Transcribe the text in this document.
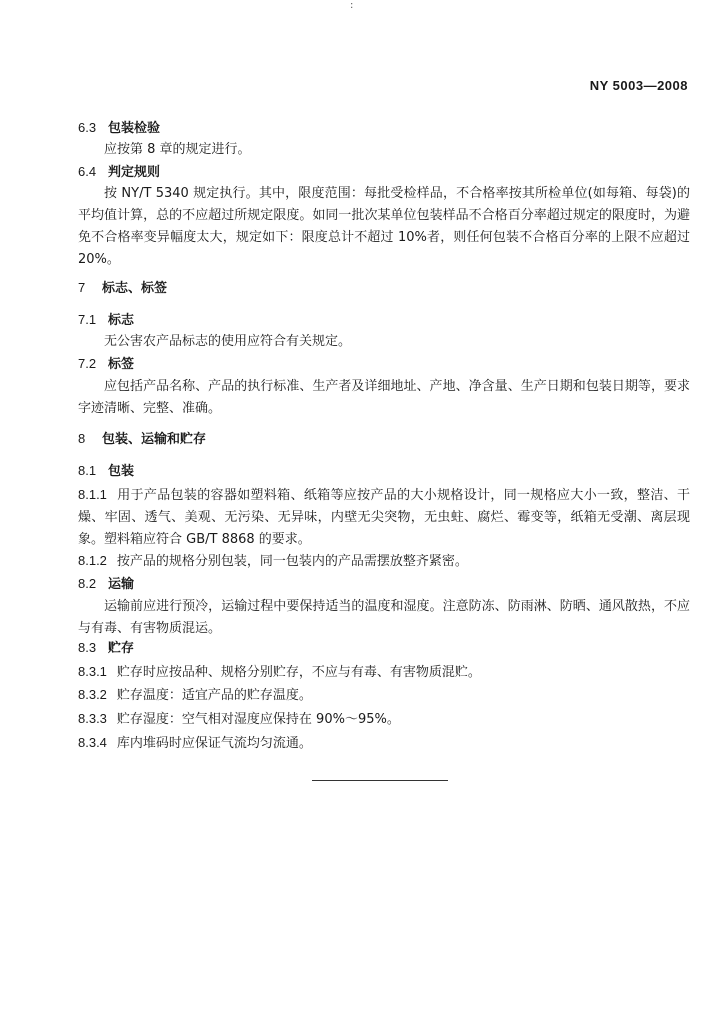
:
NY 5003—2008
6.3 包装检验
应按第 8 章的规定进行。
6.4 判定规则
按 NY/T 5340 规定执行。其中，限度范围：每批受检样品，不合格率按其所检单位(如每箱、每袋)的平均值计算，总的不应超过所规定限度。如同一批次某单位包装样品不合格百分率超过规定的限度时，为避免不合格率变异幅度太大，规定如下：限度总计不超过 10%者，则任何包装不合格百分率的上限不应超过 20%。
7 标志、标签
7.1 标志
无公害农产品标志的使用应符合有关规定。
7.2 标签
应包括产品名称、产品的执行标准、生产者及详细地址、产地、净含量、生产日期和包装日期等，要求字迹清晰、完整、准确。
8 包装、运输和贮存
8.1 包装
8.1.1 用于产品包装的容器如塑料箱、纸箱等应按产品的大小规格设计，同一规格应大小一致，整洁、干燥、牢固、透气、美观、无污染、无异味，内壁无尖突物，无虫蛀、腐烂、霉变等，纸箱无受潮、离层现象。塑料箱应符合 GB/T 8868 的要求。
8.1.2 按产品的规格分别包装，同一包装内的产品需摆放整齐紧密。
8.2 运输
运输前应进行预冷，运输过程中要保持适当的温度和湿度。注意防冻、防雨淋、防晒、通风散热，不应与有毒、有害物质混运。
8.3 贮存
8.3.1 贮存时应按品种、规格分别贮存，不应与有毒、有害物质混贮。
8.3.2 贮存温度：适宜产品的贮存温度。
8.3.3 贮存湿度：空气相对湿度应保持在 90%～95%。
8.3.4 库内堆码时应保证气流均匀流通。
